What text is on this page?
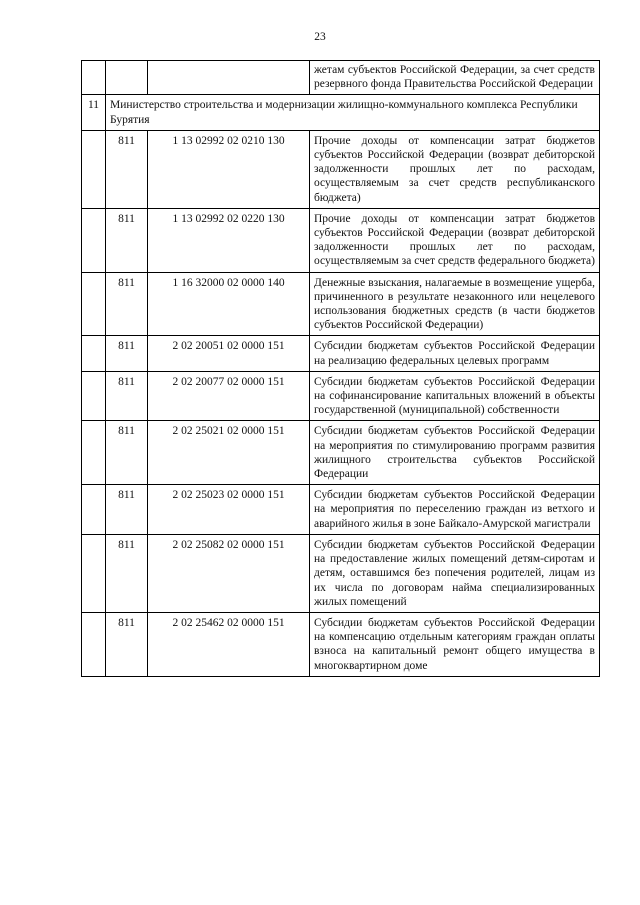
23
			жетам субъектов Российской Федерации, за счет средств резервного фонда Правительства Российской Федерации
11	Министерство строительства и модернизации жилищно-коммунального комплекса Республики Бурятия		
	811	1 13 02992 02 0210 130	Прочие доходы от компенсации затрат бюджетов субъектов Российской Федерации (возврат дебиторской задолженности прошлых лет по расходам, осуществляемым за счет средств республиканского бюджета)
	811	1 13 02992 02 0220 130	Прочие доходы от компенсации затрат бюджетов субъектов Российской Федерации (возврат дебиторской задолженности прошлых лет по расходам, осуществляемым за счет средств федерального бюджета)
	811	1 16 32000 02 0000 140	Денежные взыскания, налагаемые в возмещение ущерба, причиненного в результате незаконного или нецелевого использования бюджетных средств (в части бюджетов субъектов Российской Федерации)
	811	2 02 20051 02 0000 151	Субсидии бюджетам субъектов Российской Федерации на реализацию федеральных целевых программ
	811	2 02 20077 02 0000 151	Субсидии бюджетам субъектов Российской Федерации на софинансирование капитальных вложений в объекты государственной (муниципальной) собственности
	811	2 02 25021 02 0000 151	Субсидии бюджетам субъектов Российской Федерации на мероприятия по стимулированию программ развития жилищного строительства субъектов Российской Федерации
	811	2 02 25023 02 0000 151	Субсидии бюджетам субъектов Российской Федерации на мероприятия по переселению граждан из ветхого и аварийного жилья в зоне Байкало-Амурской магистрали
	811	2 02 25082 02 0000 151	Субсидии бюджетам субъектов Российской Федерации на предоставление жилых помещений детям-сиротам и детям, оставшимся без попечения родителей, лицам из их числа по договорам найма специализированных жилых помещений
	811	2 02 25462 02 0000 151	Субсидии бюджетам субъектов Российской Федерации на компенсацию отдельным категориям граждан оплаты взноса на капитальный ремонт общего имущества в многоквартирном доме
